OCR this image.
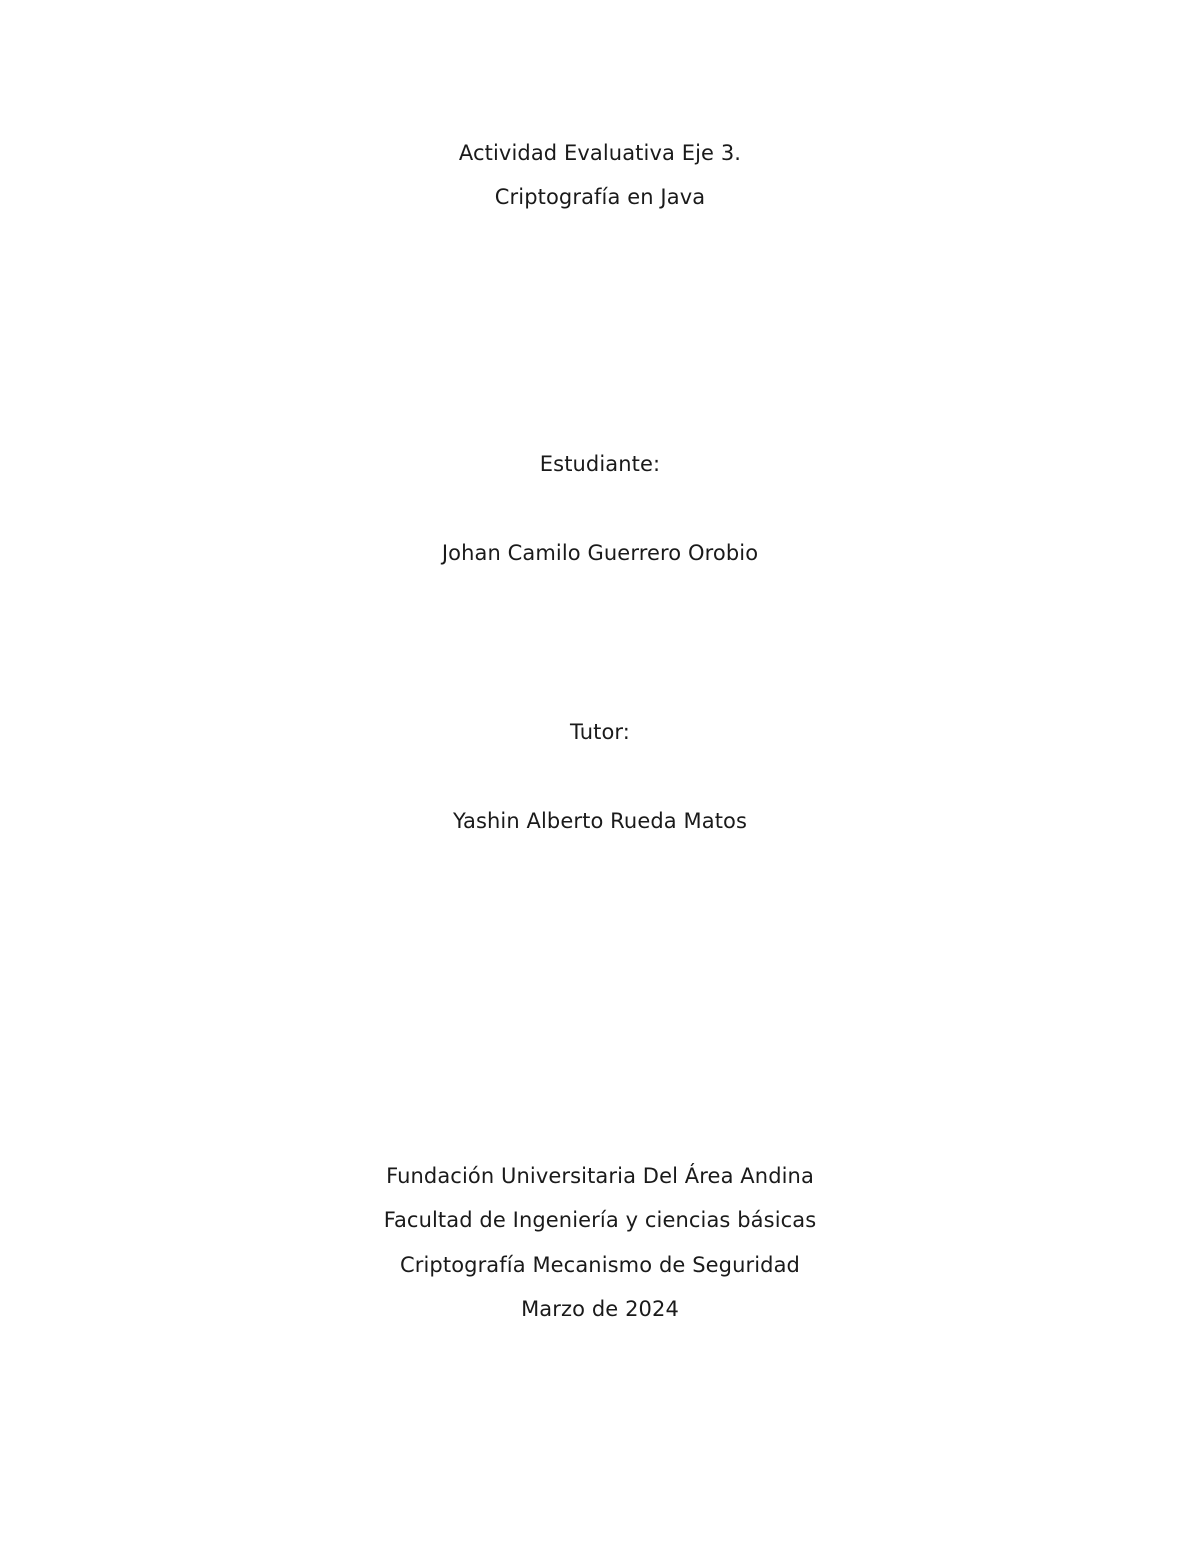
Actividad Evaluativa Eje 3.
Criptografía en Java
Estudiante:
Johan Camilo Guerrero Orobio
Tutor:
Yashin Alberto Rueda Matos
Fundación Universitaria Del Área Andina
Facultad de Ingeniería y ciencias básicas
Criptografía Mecanismo de Seguridad
Marzo de 2024
